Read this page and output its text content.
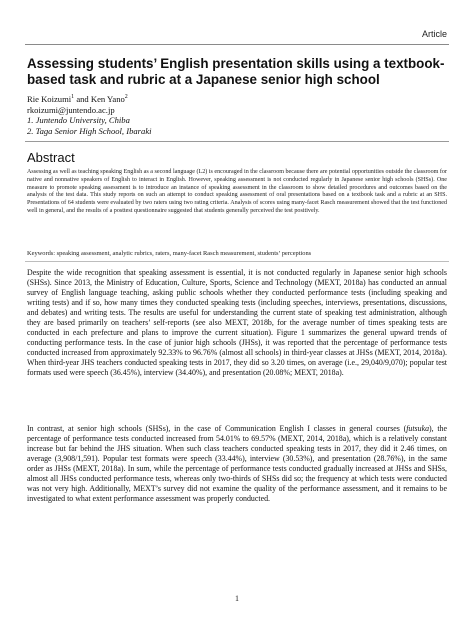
Article
Assessing students’ English presentation skills using a textbook-based task and rubric at a Japanese senior high school
Rie Koizumi$^1$ and Ken Yano$^2$
rkoizumi@juntendo.ac.jp
1. Juntendo University, Chiba
2. Taga Senior High School, Ibaraki
Abstract
Assessing as well as teaching speaking English as a second language (L2) is encouraged in the classroom because there are potential opportunities outside the classroom for native and nonnative speakers of English to interact in English. However, speaking assessment is not conducted regularly in Japanese senior high schools (SHSs). One measure to promote speaking assessment is to introduce an instance of speaking assessment in the classroom to show detailed procedures and outcomes based on the analysis of the test data. This study reports on such an attempt to conduct speaking assessment of oral presentations based on a textbook task and a rubric at an SHS. Presentations of 64 students were evaluated by two raters using two rating criteria. Analysis of scores using many-facet Rasch measurement showed that the test functioned well in general, and the results of a posttest questionnaire suggested that students generally perceived the test positively.
Keywords: speaking assessment, analytic rubrics, raters, many-facet Rasch measurement, students’ perceptions

Despite the wide recognition that speaking assessment is essential, it is not conducted regularly in Japanese senior high schools (SHSs). Since 2013, the Ministry of Education, Culture, Sports, Science and Technology (MEXT, 2018a) has conducted an annual survey of English language teaching, asking public schools whether they conducted performance tests (including speaking and writing tests) and if so, how many times they conducted speaking tests (including speeches, interviews, presentations, discussions, and debates) and writing tests. The results are useful for understanding the current state of speaking test administration, although they are based primarily on teachers’ self-reports (see also MEXT, 2018b, for the average number of times speaking tests are conducted in each prefecture and plans to improve the current situation). Figure 1 summarizes the general upward trends of conducting performance tests. In the case of junior high schools (JHSs), it was reported that the percentage of performance tests conducted increased from approximately 92.33% to 96.76% (almost all schools) in third-year classes at JHSs (MEXT, 2014, 2018a). When third-year JHS teachers conducted speaking tests in 2017, they did so 3.20 times, on average (i.e., 29,040/9,070); popular test formats used were speech (36.45%), interview (34.40%), and presentation (20.08%; MEXT, 2018a).

In contrast, at senior high schools (SHSs), in the case of Communication English I classes in general courses (futsuka), the percentage of performance tests conducted increased from 54.01% to 69.57% (MEXT, 2014, 2018a), which is a relatively constant increase but far behind the JHS situation. When such class teachers conducted speaking tests in 2017, they did it 2.46 times, on average (3,908/1,591). Popular test formats were speech (33.44%), interview (30.53%), and presentation (28.76%), in the same order as JHSs (MEXT, 2018a). In sum, while the percentage of performance tests conducted gradually increased at JHSs and SHSs, almost all JHSs conducted performance tests, whereas only two-thirds of SHSs did so; the frequency at which tests were conducted was not very high. Additionally, MEXT’s survey did not examine the quality of the performance assessment, and it remains to be investigated to what extent performance assessment was properly conducted.

1
